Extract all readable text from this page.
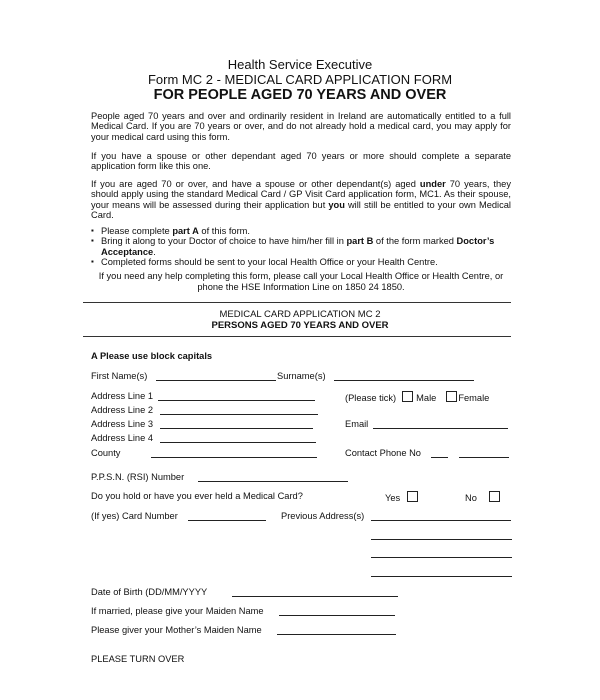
Health Service Executive
Form MC 2 - MEDICAL CARD APPLICATION FORM
FOR PEOPLE AGED 70 YEARS AND OVER
People aged 70 years and over and ordinarily resident in Ireland are automatically entitled to a full Medical Card. If you are 70 years or over, and do not already hold a medical card, you may apply for your medical card using this form.
If you have a spouse or other dependant aged 70 years or more should complete a separate application form like this one.
If you are aged 70 or over, and have a spouse or other dependant(s) aged under 70 years, they should apply using the standard Medical Card / GP Visit Card application form, MC1. As their spouse, your means will be assessed during their application but you will still be entitled to your own Medical Card.
▪ Please complete part A of this form.
▪ Bring it along to your Doctor of choice to have him/her fill in part B of the form marked Doctor’s Acceptance.
▪ Completed forms should be sent to your local Health Office or your Health Centre.
If you need any help completing this form, please call your Local Health Office or Health Centre, or phone the HSE Information Line on 1850 24 1850.
MEDICAL CARD APPLICATION MC 2
PERSONS AGED 70 YEARS AND OVER
A Please use block capitals
First Name(s)	Surname(s)
Address Line 1
Address Line 2
Address Line 3
Address Line 4
County
(Please tick) Male Female
Email
Contact Phone No
P.P.S.N. (RSI) Number
Do you hold or have you ever held a Medical Card?	Yes	No
(If yes) Card Number	Previous Address(s)
Date of Birth (DD/MM/YYYY
If married, please give your Maiden Name
Please giver your Mother’s Maiden Name
PLEASE TURN OVER
